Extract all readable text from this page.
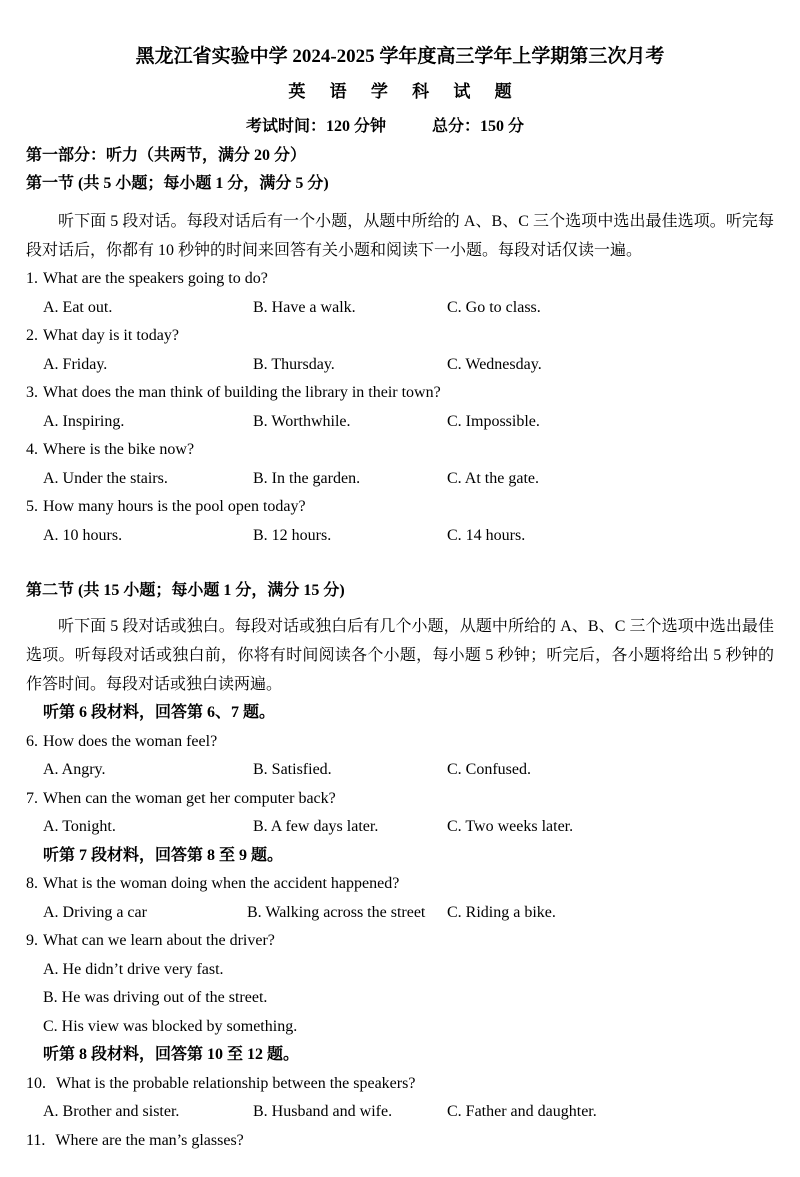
黑龙江省实验中学 2024-2025 学年度高三学年上学期第三次月考
英 语 学 科 试 题
考试时间：120 分钟	总分：150 分
第一部分：听力（共两节，满分 20 分）
第一节 (共 5 小题；每小题 1 分，满分 5 分)

听下面 5 段对话。每段对话后有一个小题，从题中所给的 A、B、C 三个选项中选出最佳选项。听完每段对话后，你都有 10 秒钟的时间来回答有关小题和阅读下一小题。每段对话仅读一遍。

1. What are the speakers going to do?
A. Eat out.	B. Have a walk.	C. Go to class.
2. What day is it today?
A. Friday.	B. Thursday.	C. Wednesday.
3. What does the man think of building the library in their town?
A. Inspiring.	B. Worthwhile.	C. Impossible.
4. Where is the bike now?
A. Under the stairs.	B. In the garden.	C. At the gate.
5. How many hours is the pool open today?
A. 10 hours.	B. 12 hours.	C. 14 hours.
第二节 (共 15 小题；每小题 1 分，满分 15 分)

听下面 5 段对话或独白。每段对话或独白后有几个小题，从题中所给的 A、B、C 三个选项中选出最佳选项。听每段对话或独白前，你将有时间阅读各个小题，每小题 5 秒钟；听完后，各小题将给出 5 秒钟的作答时间。每段对话或独白读两遍。

听第 6 段材料，回答第 6、7 题。
6. How does the woman feel?
A. Angry.	B. Satisfied.	C. Confused.
7. When can the woman get her computer back?
A. Tonight.	B. A few days later.	C. Two weeks later.
听第 7 段材料，回答第 8 至 9 题。
8. What is the woman doing when the accident happened?
A. Driving a car	B. Walking across the street C. Riding a bike.
9. What can we learn about the driver?
A. He didn’t drive very fast.
B. He was driving out of the street.
C. His view was blocked by something.
听第 8 段材料，回答第 10 至 12 题。
10. What is the probable relationship between the speakers?
A. Brother and sister.	B. Husband and wife.	C. Father and daughter.
11. Where are the man’s glasses?
